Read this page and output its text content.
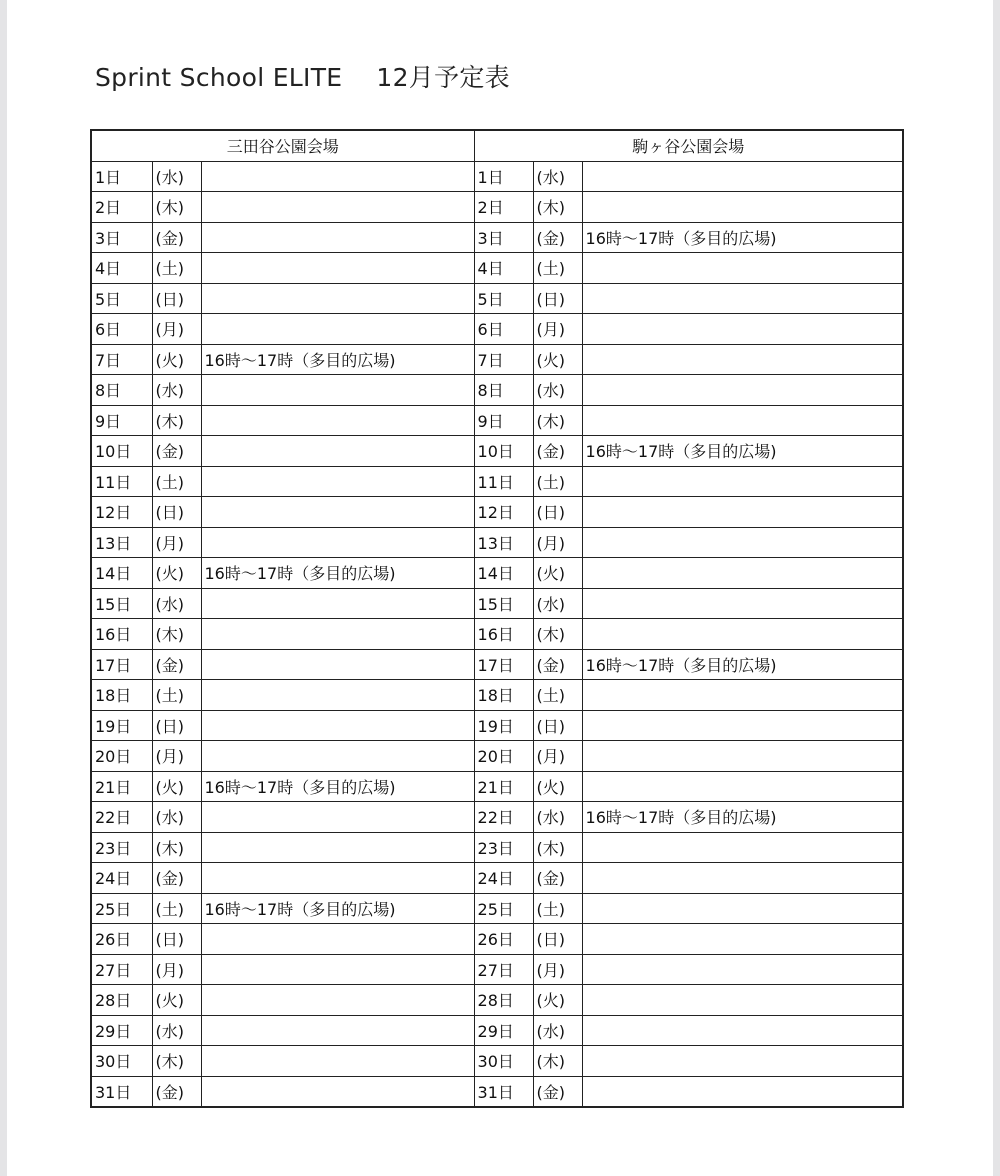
Sprint School ELITE 12月予定表
三田谷公園会場			駒ヶ谷公園会場		
1日	(水)		1日	(水)	
2日	(木)		2日	(木)	
3日	(金)		3日	(金)	16時～17時（多目的広場)
4日	(土)		4日	(土)	
5日	(日)		5日	(日)	
6日	(月)		6日	(月)	
7日	(火)	16時～17時（多目的広場)	7日	(火)	
8日	(水)		8日	(水)	
9日	(木)		9日	(木)	
10日	(金)		10日	(金)	16時～17時（多目的広場)
11日	(土)		11日	(土)	
12日	(日)		12日	(日)	
13日	(月)		13日	(月)	
14日	(火)	16時～17時（多目的広場)	14日	(火)	
15日	(水)		15日	(水)	
16日	(木)		16日	(木)	
17日	(金)		17日	(金)	16時～17時（多目的広場)
18日	(土)		18日	(土)	
19日	(日)		19日	(日)	
20日	(月)		20日	(月)	
21日	(火)	16時～17時（多目的広場)	21日	(火)	
22日	(水)		22日	(水)	16時～17時（多目的広場)
23日	(木)		23日	(木)	
24日	(金)		24日	(金)	
25日	(土)	16時～17時（多目的広場)	25日	(土)	
26日	(日)		26日	(日)	
27日	(月)		27日	(月)	
28日	(火)		28日	(火)	
29日	(水)		29日	(水)	
30日	(木)		30日	(木)	
31日	(金)		31日	(金)	
